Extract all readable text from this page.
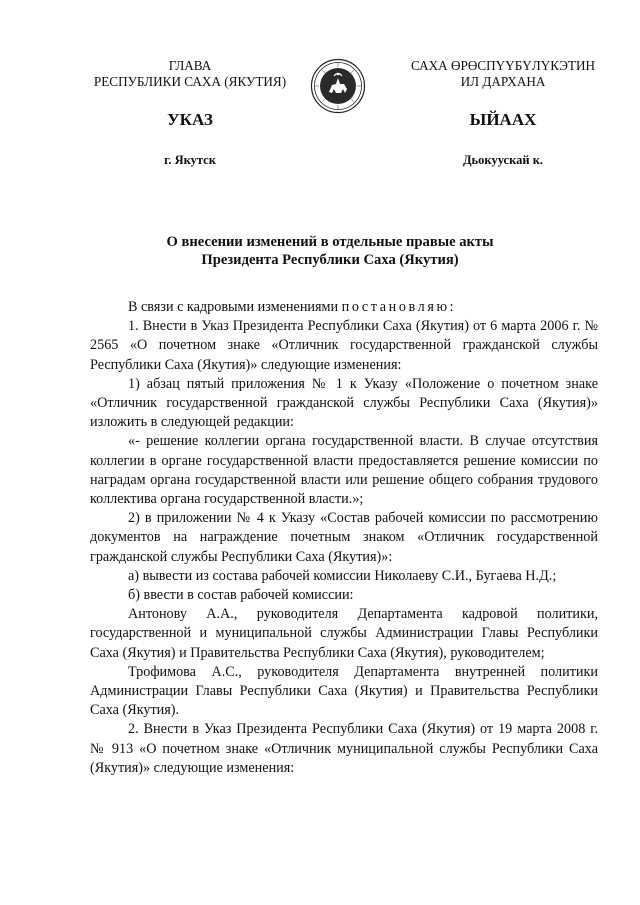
ГЛАВА
РЕСПУБЛИКИ САХА (ЯКУТИЯ)
САХА ӨРӨСПҮҮБҮЛҮКЭТИН
ИЛ ДАРХАНА
УКАЗ	ЫЙААХ
г. Якутск	Дьокуускай к.
О внесении изменений в отдельные правые акты
Президента Республики Саха (Якутия)

В связи с кадровыми изменениями постановляю:

1. Внести в Указ Президента Республики Саха (Якутия) от 6 марта 2006 г. № 2565 «О почетном знаке «Отличник государственной гражданской службы Республики Саха (Якутия)» следующие изменения:

1) абзац пятый приложения № 1 к Указу «Положение о почетном знаке «Отличник государственной гражданской службы Республики Саха (Якутия)» изложить в следующей редакции:

«- решение коллегии органа государственной власти. В случае отсутствия коллегии в органе государственной власти предоставляется решение комиссии по наградам органа государственной власти или решение общего собрания трудового коллектива органа государственной власти.»;

2) в приложении № 4 к Указу «Состав рабочей комиссии по рассмотрению документов на награждение почетным знаком «Отличник государственной гражданской службы Республики Саха (Якутия)»:

а) вывести из состава рабочей комиссии Николаеву С.И., Бугаева Н.Д.;

б) ввести в состав рабочей комиссии:

Антонову А.А., руководителя Департамента кадровой политики, государственной и муниципальной службы Администрации Главы Республики Саха (Якутия) и Правительства Республики Саха (Якутия), руководителем;

Трофимова А.С., руководителя Департамента внутренней политики Администрации Главы Республики Саха (Якутия) и Правительства Республики Саха (Якутия).

2. Внести в Указ Президента Республики Саха (Якутия) от 19 марта 2008 г. № 913 «О почетном знаке «Отличник муниципальной службы Республики Саха (Якутия)» следующие изменения:
